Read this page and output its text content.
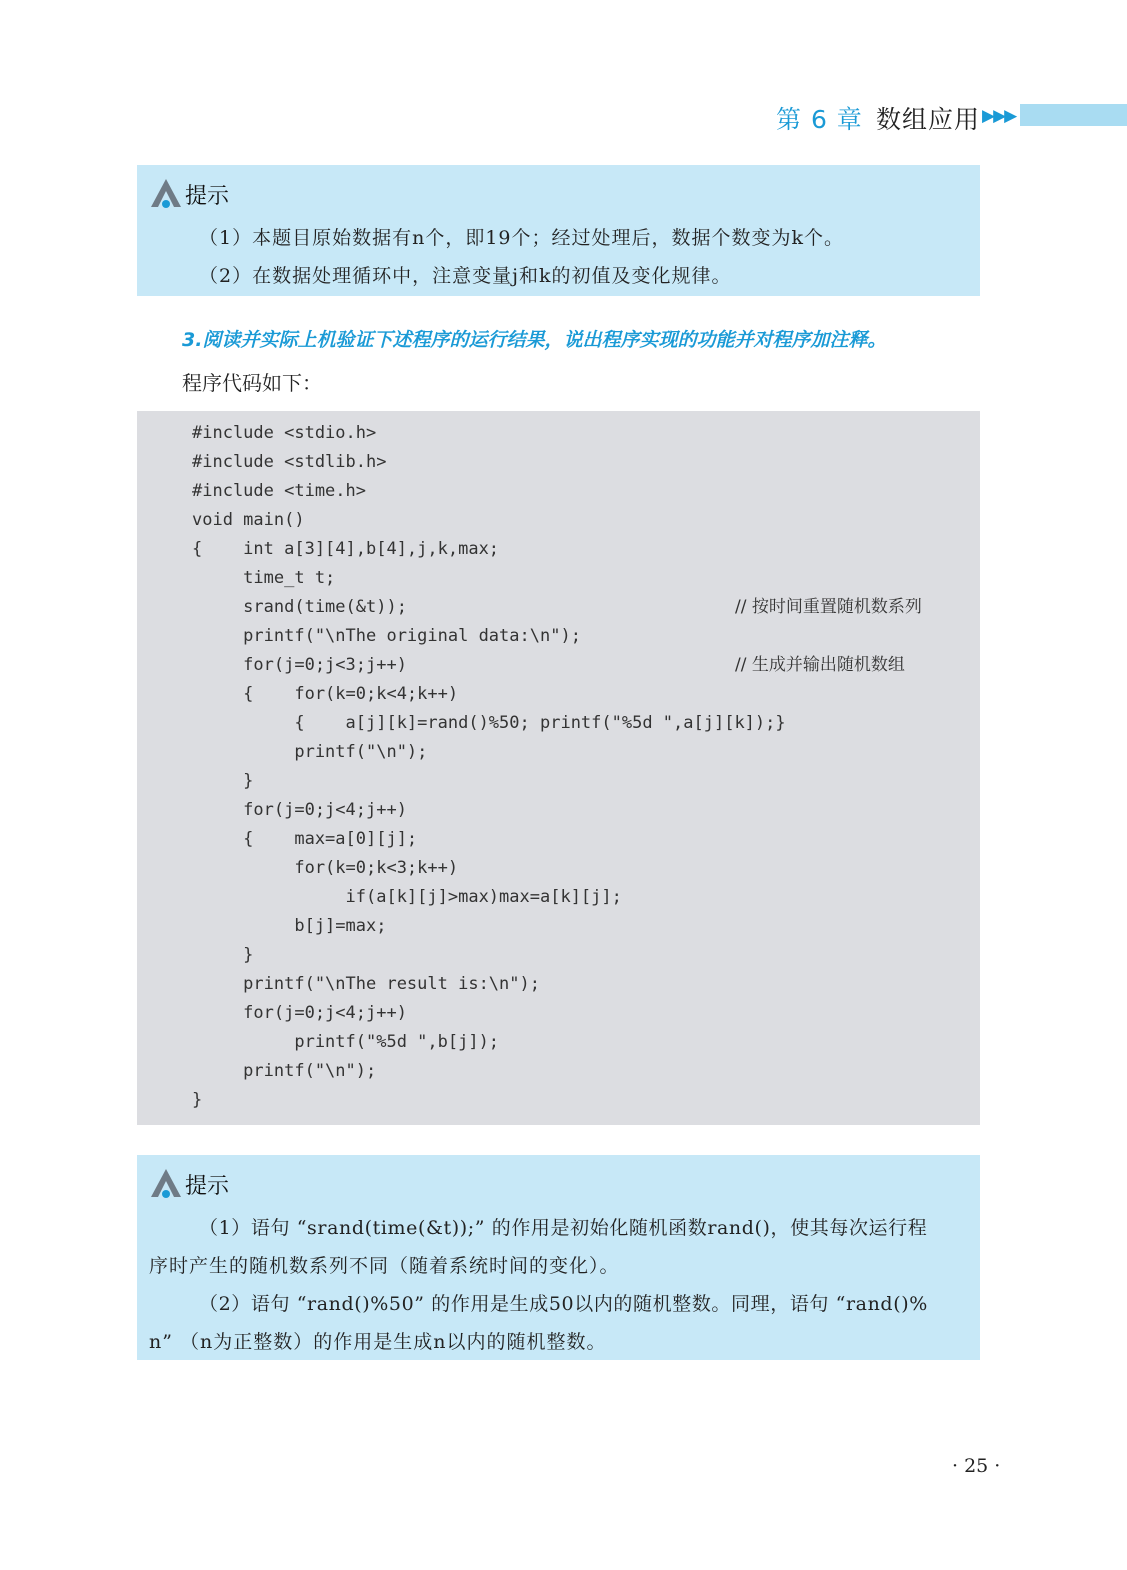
第 6 章 数组应用 ▶▶▶
提示
（1）本题目原始数据有n个，即19个；经过处理后，数据个数变为k个。
（2）在数据处理循环中，注意变量j和k的初值及变化规律。
3.阅读并实际上机验证下述程序的运行结果，说出程序实现的功能并对程序加注释。
程序代码如下：
#include <stdio.h>
#include <stdlib.h>
#include <time.h>
void main()
{    int a[3][4],b[4],j,k,max;
time_t t;
srand(time(&t));	// 按时间重置随机数系列
printf("\nThe original data:\n");
for(j=0;j<3;j++)	// 生成并输出随机数组
{    for(k=0;k<4;k++)
{    a[j][k]=rand()%50; printf("%5d ",a[j][k]);}
printf("\n");
}
for(j=0;j<4;j++)
{    max=a[0][j];
for(k=0;k<3;k++)
if(a[k][j]>max)max=a[k][j];
b[j]=max;
}
printf("\nThe result is:\n");
for(j=0;j<4;j++)
printf("%5d ",b[j]);
printf("\n");
}
提示
（1）语句 “srand(time(&t));” 的作用是初始化随机函数rand()，使其每次运行程
序时产生的随机数系列不同（随着系统时间的变化）。
（2）语句 “rand()%50” 的作用是生成50以内的随机整数。同理，语句 “rand()%
n” （n为正整数）的作用是生成n以内的随机整数。
· 25 ·
